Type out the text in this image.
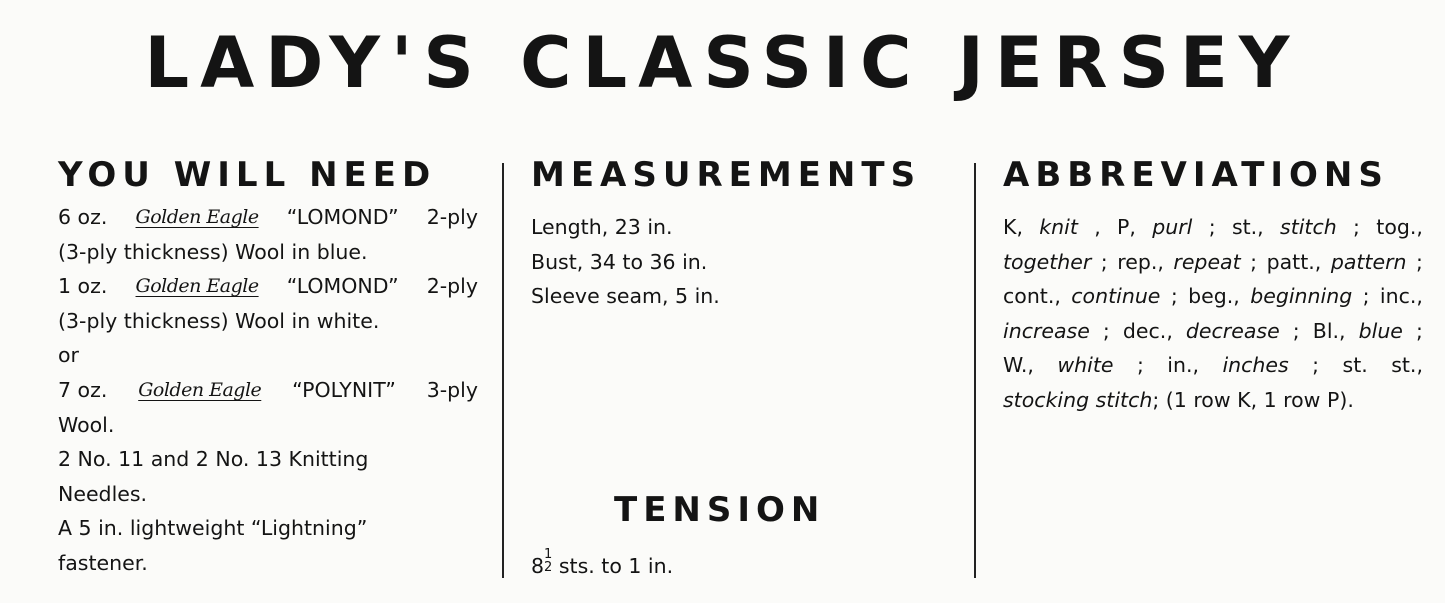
LADY'S CLASSIC JERSEY
YOU WILL NEED
6 oz. Golden Eagle “LOMOND” 2-ply
(3-ply thickness) Wool in blue.
1 oz. Golden Eagle “LOMOND” 2-ply
(3-ply thickness) Wool in white.
or
7 oz. Golden Eagle “POLYNIT” 3-ply
Wool.
2 No. 11 and 2 No. 13 Knitting
Needles.
A 5 in. lightweight “Lightning”
fastener.
MEASUREMENTS
Length, 23 in.
Bust, 34 to 36 in.
Sleeve seam, 5 in.
TENSION
81
2 sts. to 1 in.
ABBREVIATIONS
K, knit , P, purl ; st., stitch ; tog.,
together ; rep., repeat ; patt., pattern ;
cont., continue ; beg., beginning ; inc.,
increase ; dec., decrease ; Bl., blue ;
W., white ; in., inches ; st. st.,
stocking stitch; (1 row K, 1 row P).
